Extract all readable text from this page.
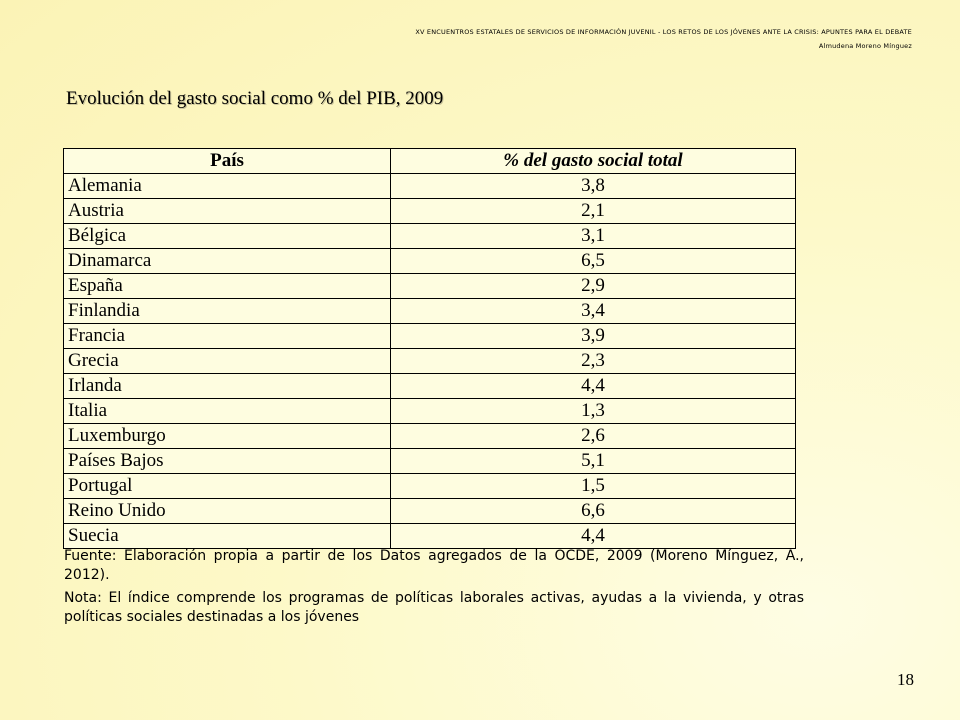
XV ENCUENTROS ESTATALES DE SERVICIOS DE INFORMACIÓN JUVENIL - LOS RETOS DE LOS JÓVENES ANTE LA CRISIS: APUNTES PARA EL DEBATE
Almudena Moreno Mínguez
Evolución del gasto social como % del PIB, 2009
País	% del gasto social total
Alemania	3,8
Austria	2,1
Bélgica	3,1
Dinamarca	6,5
España	2,9
Finlandia	3,4
Francia	3,9
Grecia	2,3
Irlanda	4,4
Italia	1,3
Luxemburgo	2,6
Países Bajos	5,1
Portugal	1,5
Reino Unido	6,6
Suecia	4,4

Fuente: Elaboración propia a partir de los Datos agregados de la OCDE, 2009 (Moreno Mínguez, A., 2012).

Nota: El índice comprende los programas de políticas laborales activas, ayudas a la vivienda, y otras políticas sociales destinadas a los jóvenes

18
